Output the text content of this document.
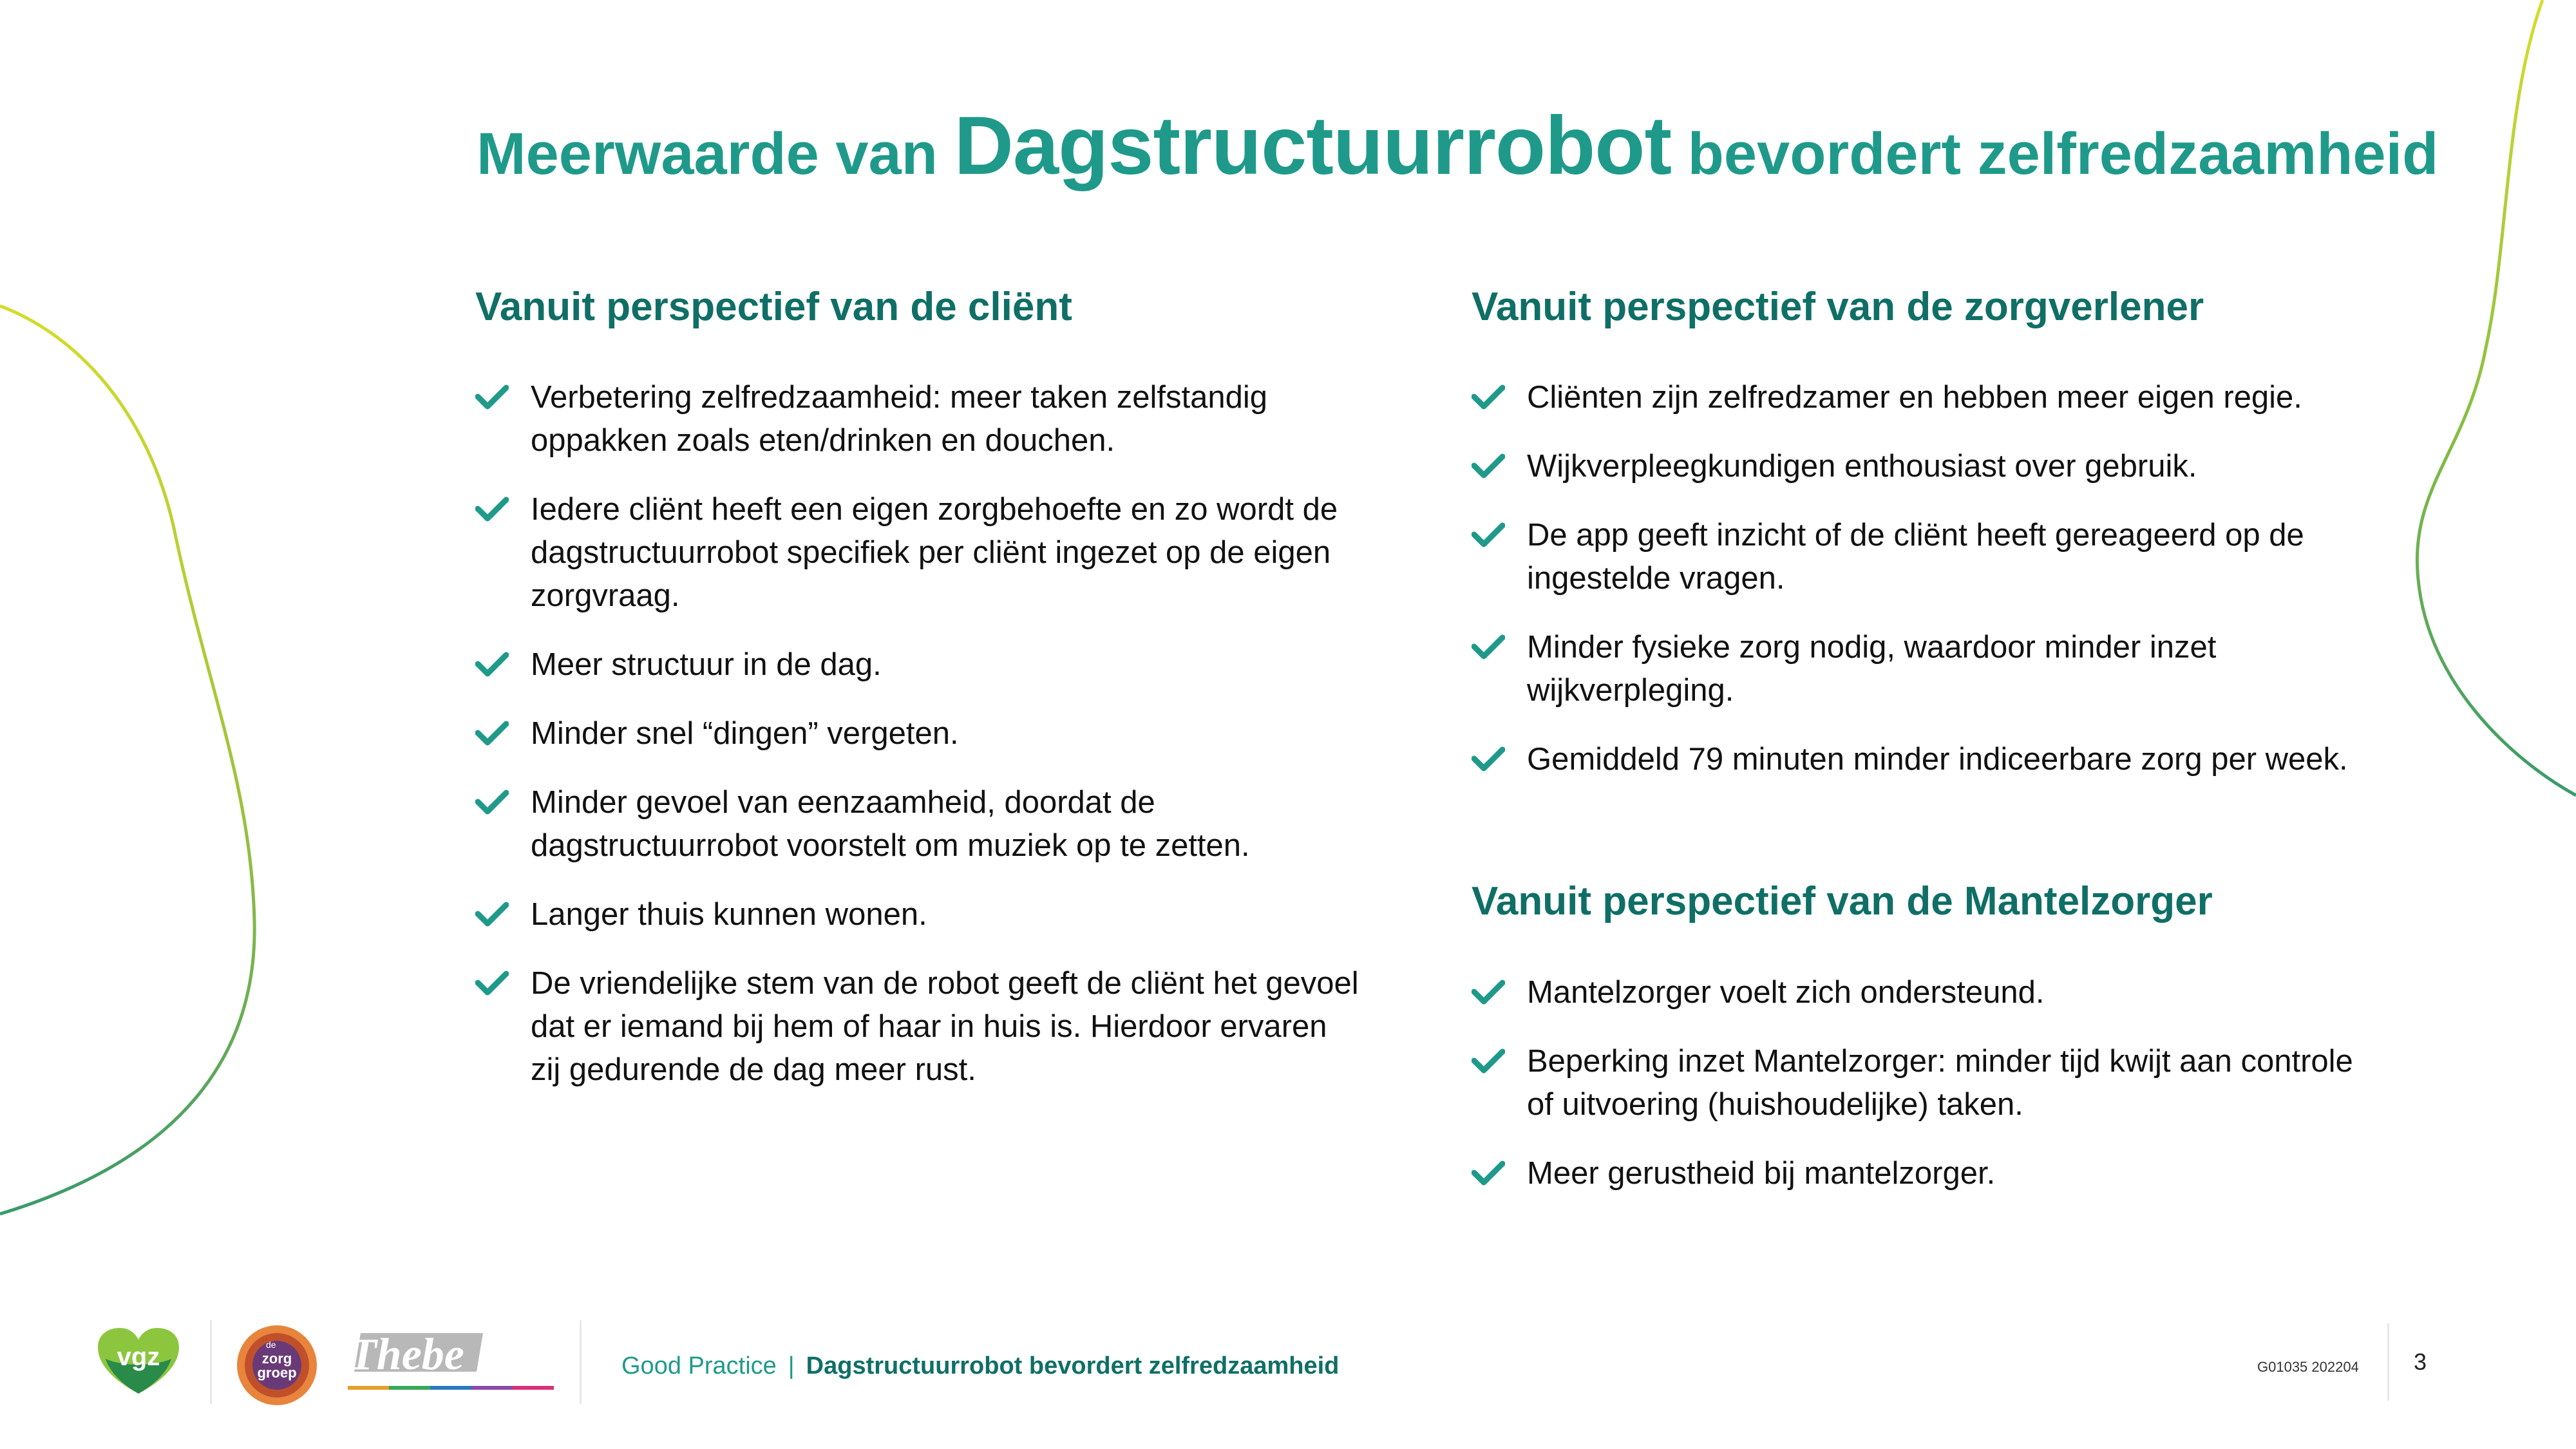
Meerwaarde van Dagstructuurrobot bevordert zelfredzaamheid
Vanuit perspectief van de cliënt
Verbetering zelfredzaamheid: meer taken zelfstandig oppakken zoals eten/drinken en douchen.
Iedere cliënt heeft een eigen zorgbehoefte en zo wordt de dagstructuurrobot specifiek per cliënt ingezet op de eigen zorgvraag.
Meer structuur in de dag.
Minder snel “dingen” vergeten.
Minder gevoel van eenzaamheid, doordat de dagstructuurrobot voorstelt om muziek op te zetten.
Langer thuis kunnen wonen.
De vriendelijke stem van de robot geeft de cliënt het gevoel dat er iemand bij hem of haar in huis is. Hierdoor ervaren zij gedurende de dag meer rust.
Vanuit perspectief van de zorgverlener
Cliënten zijn zelfredzamer en hebben meer eigen regie.
Wijkverpleegkundigen enthousiast over gebruik.
De app geeft inzicht of de cliënt heeft gereageerd op de ingestelde vragen.
Minder fysieke zorg nodig, waardoor minder inzet wijkverpleging.
Gemiddeld 79 minuten minder indiceerbare zorg per week.
Vanuit perspectief van de Mantelzorger
Mantelzorger voelt zich ondersteund.
Beperking inzet Mantelzorger: minder tijd kwijt aan controle of uitvoering (huishoudelijke) taken.
Meer gerustheid bij mantelzorger.
vgz	de
zorg
groep Thebe	Good Practice | Dagstructuurrobot bevordert zelfredzaamheid	G01035 202204 3
